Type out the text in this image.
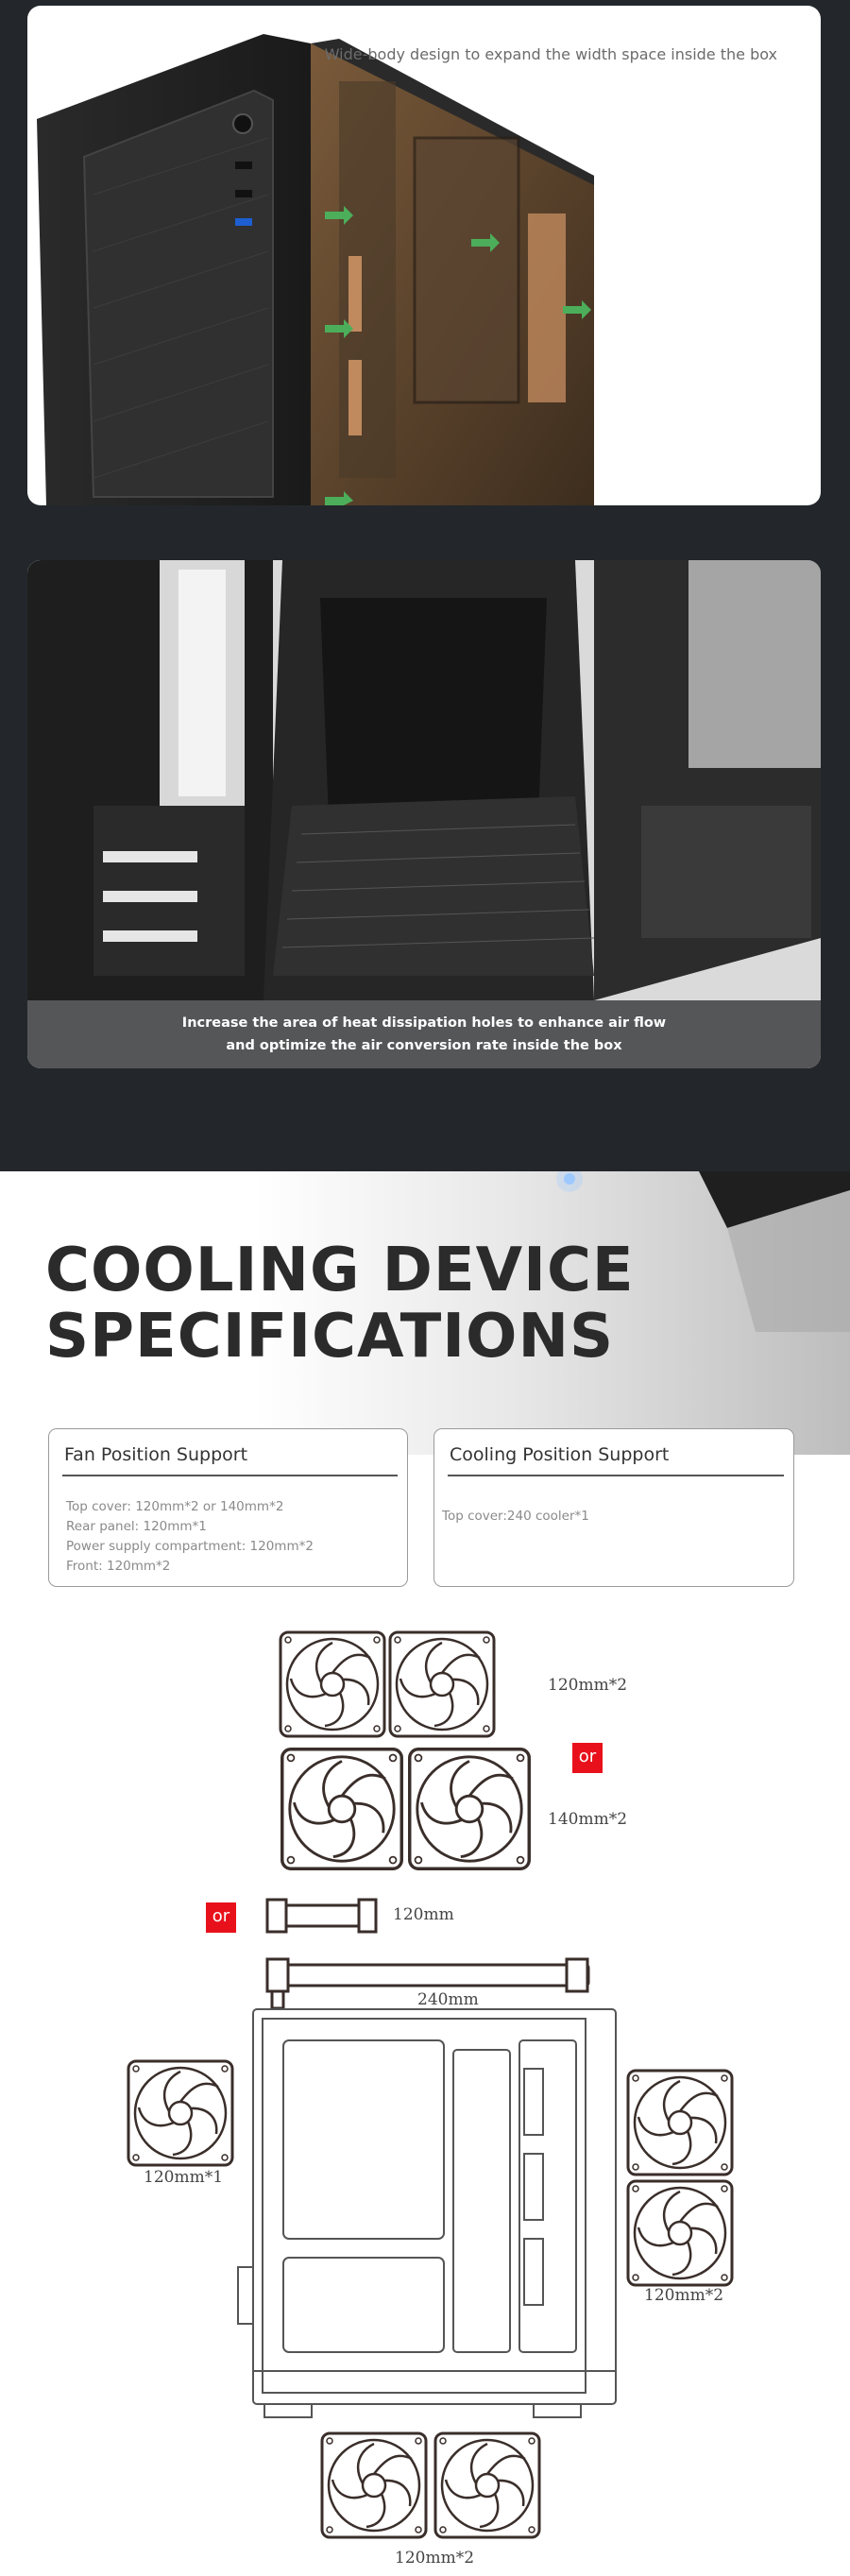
Wide-body design to expand the width space inside the box
Increase the area of heat dissipation holes to enhance air flow
and optimize the air conversion rate inside the box
COOLING DEVICE
SPECIFICATIONS
Fan Position Support
Top cover: 120mm*2 or 140mm*2
Rear panel: 120mm*1
Power supply compartment: 120mm*2
Front: 120mm*2
Cooling Position Support
Top cover:240 cooler*1
120mm*2
or
140mm*2
or	120mm
240mm
120mm*1
120mm*2
120mm*2
